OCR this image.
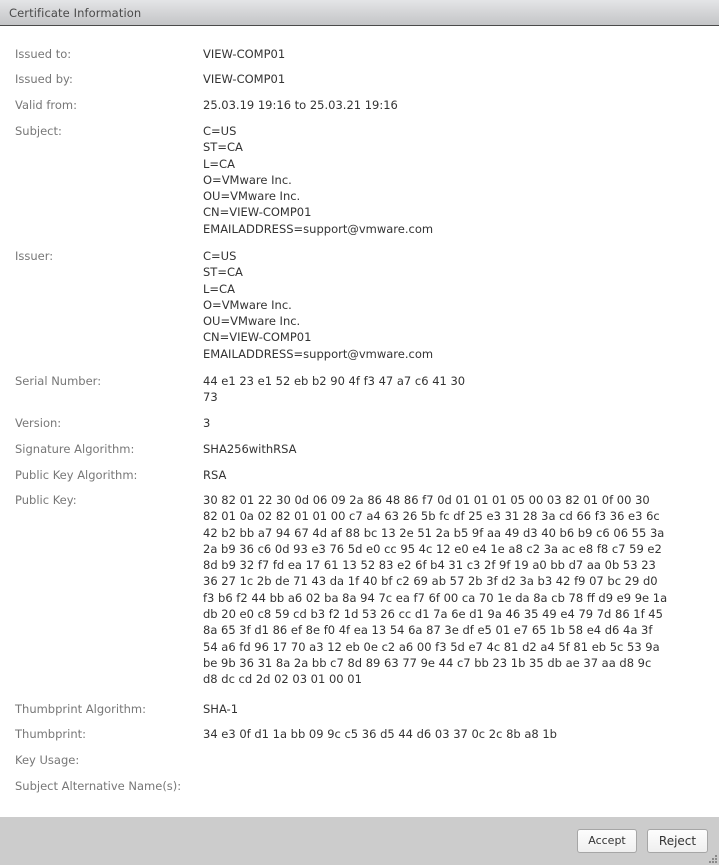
Certificate Information
Issued to:	VIEW-COMP01
Issued by:	VIEW-COMP01
Valid from:	25.03.19 19:16 to 25.03.21 19:16
Subject:	C=US
ST=CA
L=CA
O=VMware Inc.
OU=VMware Inc.
CN=VIEW-COMP01
EMAILADDRESS=support@vmware.com
Issuer:	C=US
ST=CA
L=CA
O=VMware Inc.
OU=VMware Inc.
CN=VIEW-COMP01
EMAILADDRESS=support@vmware.com
Serial Number:	44 e1 23 e1 52 eb b2 90 4f f3 47 a7 c6 41 30
73
Version:	3
Signature Algorithm:	SHA256withRSA
Public Key Algorithm:	RSA
Public Key:	30 82 01 22 30 0d 06 09 2a 86 48 86 f7 0d 01 01 01 05 00 03 82 01 0f 00 30
82 01 0a 02 82 01 01 00 c7 a4 63 26 5b fc df 25 e3 31 28 3a cd 66 f3 36 e3 6c
42 b2 bb a7 94 67 4d af 88 bc 13 2e 51 2a b5 9f aa 49 d3 40 b6 b9 c6 06 55 3a
2a b9 36 c6 0d 93 e3 76 5d e0 cc 95 4c 12 e0 e4 1e a8 c2 3a ac e8 f8 c7 59 e2
8d b9 32 f7 fd ea 17 61 13 52 83 e2 6f b4 31 c3 2f 9f 19 a0 bb d7 aa 0b 53 23
36 27 1c 2b de 71 43 da 1f 40 bf c2 69 ab 57 2b 3f d2 3a b3 42 f9 07 bc 29 d0
f3 b6 f2 44 bb a6 02 ba 8a 94 7c ea f7 6f 00 ca 70 1e da 8a cb 78 ff d9 e9 9e 1a
db 20 e0 c8 59 cd b3 f2 1d 53 26 cc d1 7a 6e d1 9a 46 35 49 e4 79 7d 86 1f 45
8a 65 3f d1 86 ef 8e f0 4f ea 13 54 6a 87 3e df e5 01 e7 65 1b 58 e4 d6 4a 3f
54 a6 fd 96 17 70 a3 12 eb 0e c2 a6 00 f3 5d e7 4c 81 d2 a4 5f 81 eb 5c 53 9a
be 9b 36 31 8a 2a bb c7 8d 89 63 77 9e 44 c7 bb 23 1b 35 db ae 37 aa d8 9c
d8 dc cd 2d 02 03 01 00 01
Thumbprint Algorithm:	SHA-1
Thumbprint:	34 e3 0f d1 1a bb 09 9c c5 36 d5 44 d6 03 37 0c 2c 8b a8 1b
Key Usage:
Subject Alternative Name(s):
Accept	Reject
